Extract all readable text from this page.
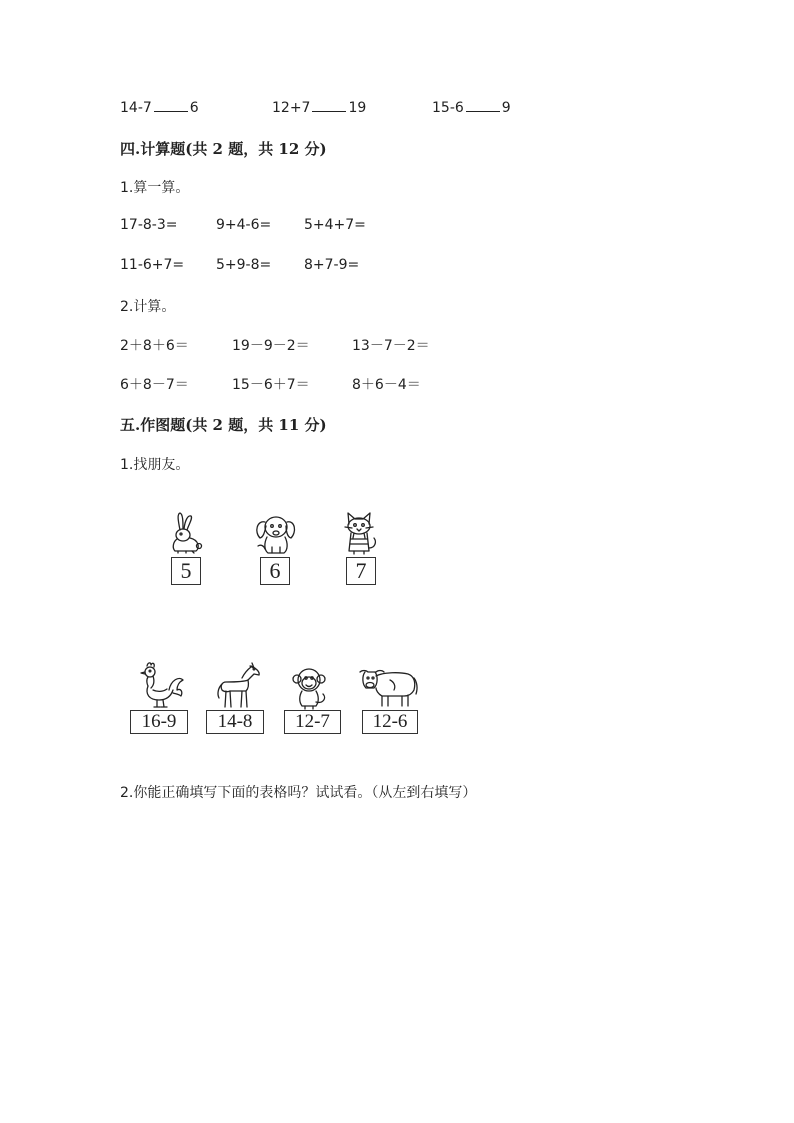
14-7	6	12+7	19	15-6	9
四.计算题(共 2 题，共 12 分)
1.算一算。
17-8-3=	9+4-6= 5+4+7=
11-6+7= 5+9-8= 8+7-9=
2.计算。
2＋8＋6＝	19－9－2＝	13－7－2＝
6＋8－7＝	15－6＋7＝	8＋6－4＝
五.作图题(共 2 题，共 11 分)
1.找朋友。
5	6	7
16-9	14-8	12-7	12-6
2.你能正确填写下面的表格吗？试试看。（从左到右填写）
